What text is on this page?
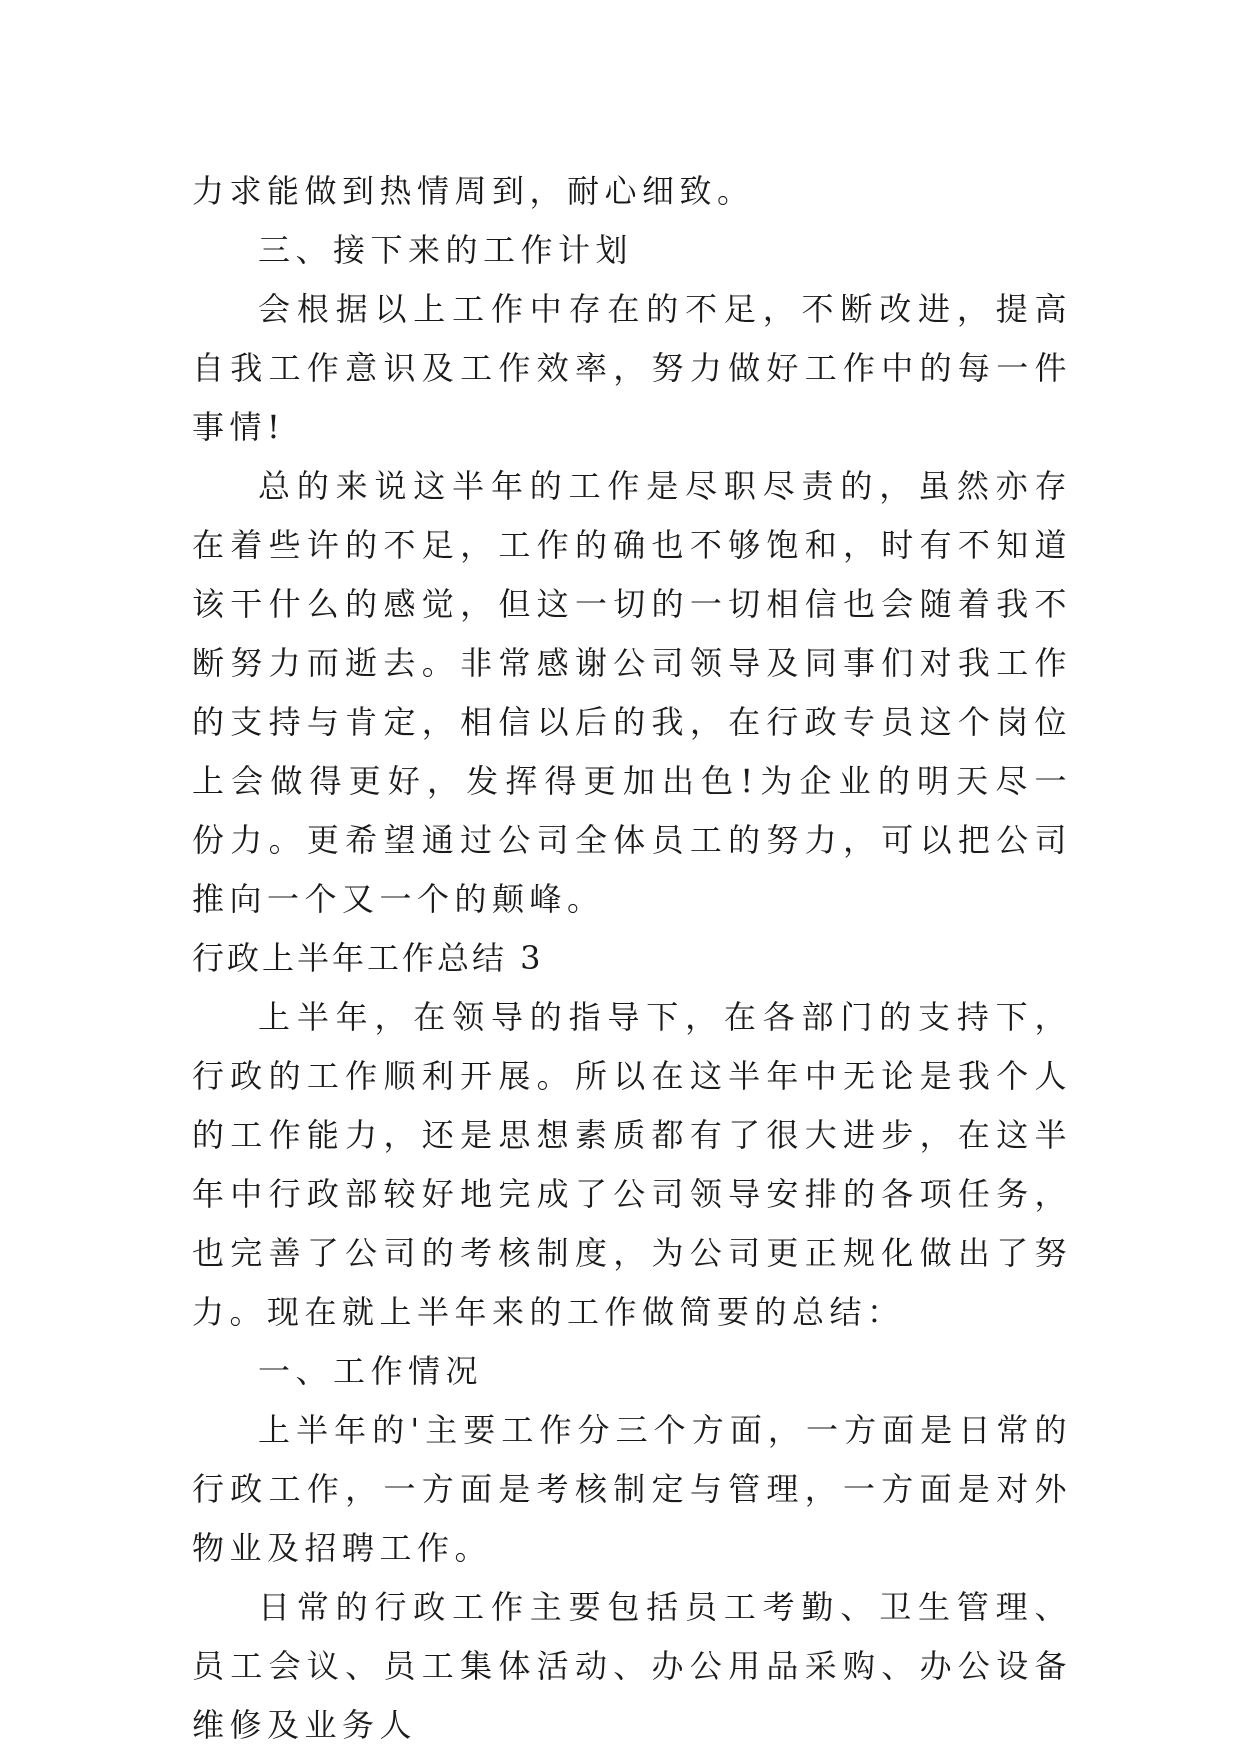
力求能做到热情周到，耐心细致。

三、接下来的工作计划

会根据以上工作中存在的不足，不断改进，提高自我工作意识及工作效率，努力做好工作中的每一件事情!

总的来说这半年的工作是尽职尽责的，虽然亦存在着些许的不足，工作的确也不够饱和，时有不知道该干什么的感觉，但这一切的一切相信也会随着我不断努力而逝去。非常感谢公司领导及同事们对我工作的支持与肯定，相信以后的我，在行政专员这个岗位上会做得更好，发挥得更加出色!为企业的明天尽一份力。更希望通过公司全体员工的努力，可以把公司推向一个又一个的颠峰。

行政上半年工作总结 3

上半年，在领导的指导下，在各部门的支持下，行政的工作顺利开展。所以在这半年中无论是我个人的工作能力，还是思想素质都有了很大进步，在这半年中行政部较好地完成了公司领导安排的各项任务，也完善了公司的考核制度，为公司更正规化做出了努力。现在就上半年来的工作做简要的总结：

一、工作情况

上半年的'主要工作分三个方面，一方面是日常的行政工作，一方面是考核制定与管理，一方面是对外物业及招聘工作。

日常的行政工作主要包括员工考勤、卫生管理、员工会议、员工集体活动、办公用品采购、办公设备维修及业务人
